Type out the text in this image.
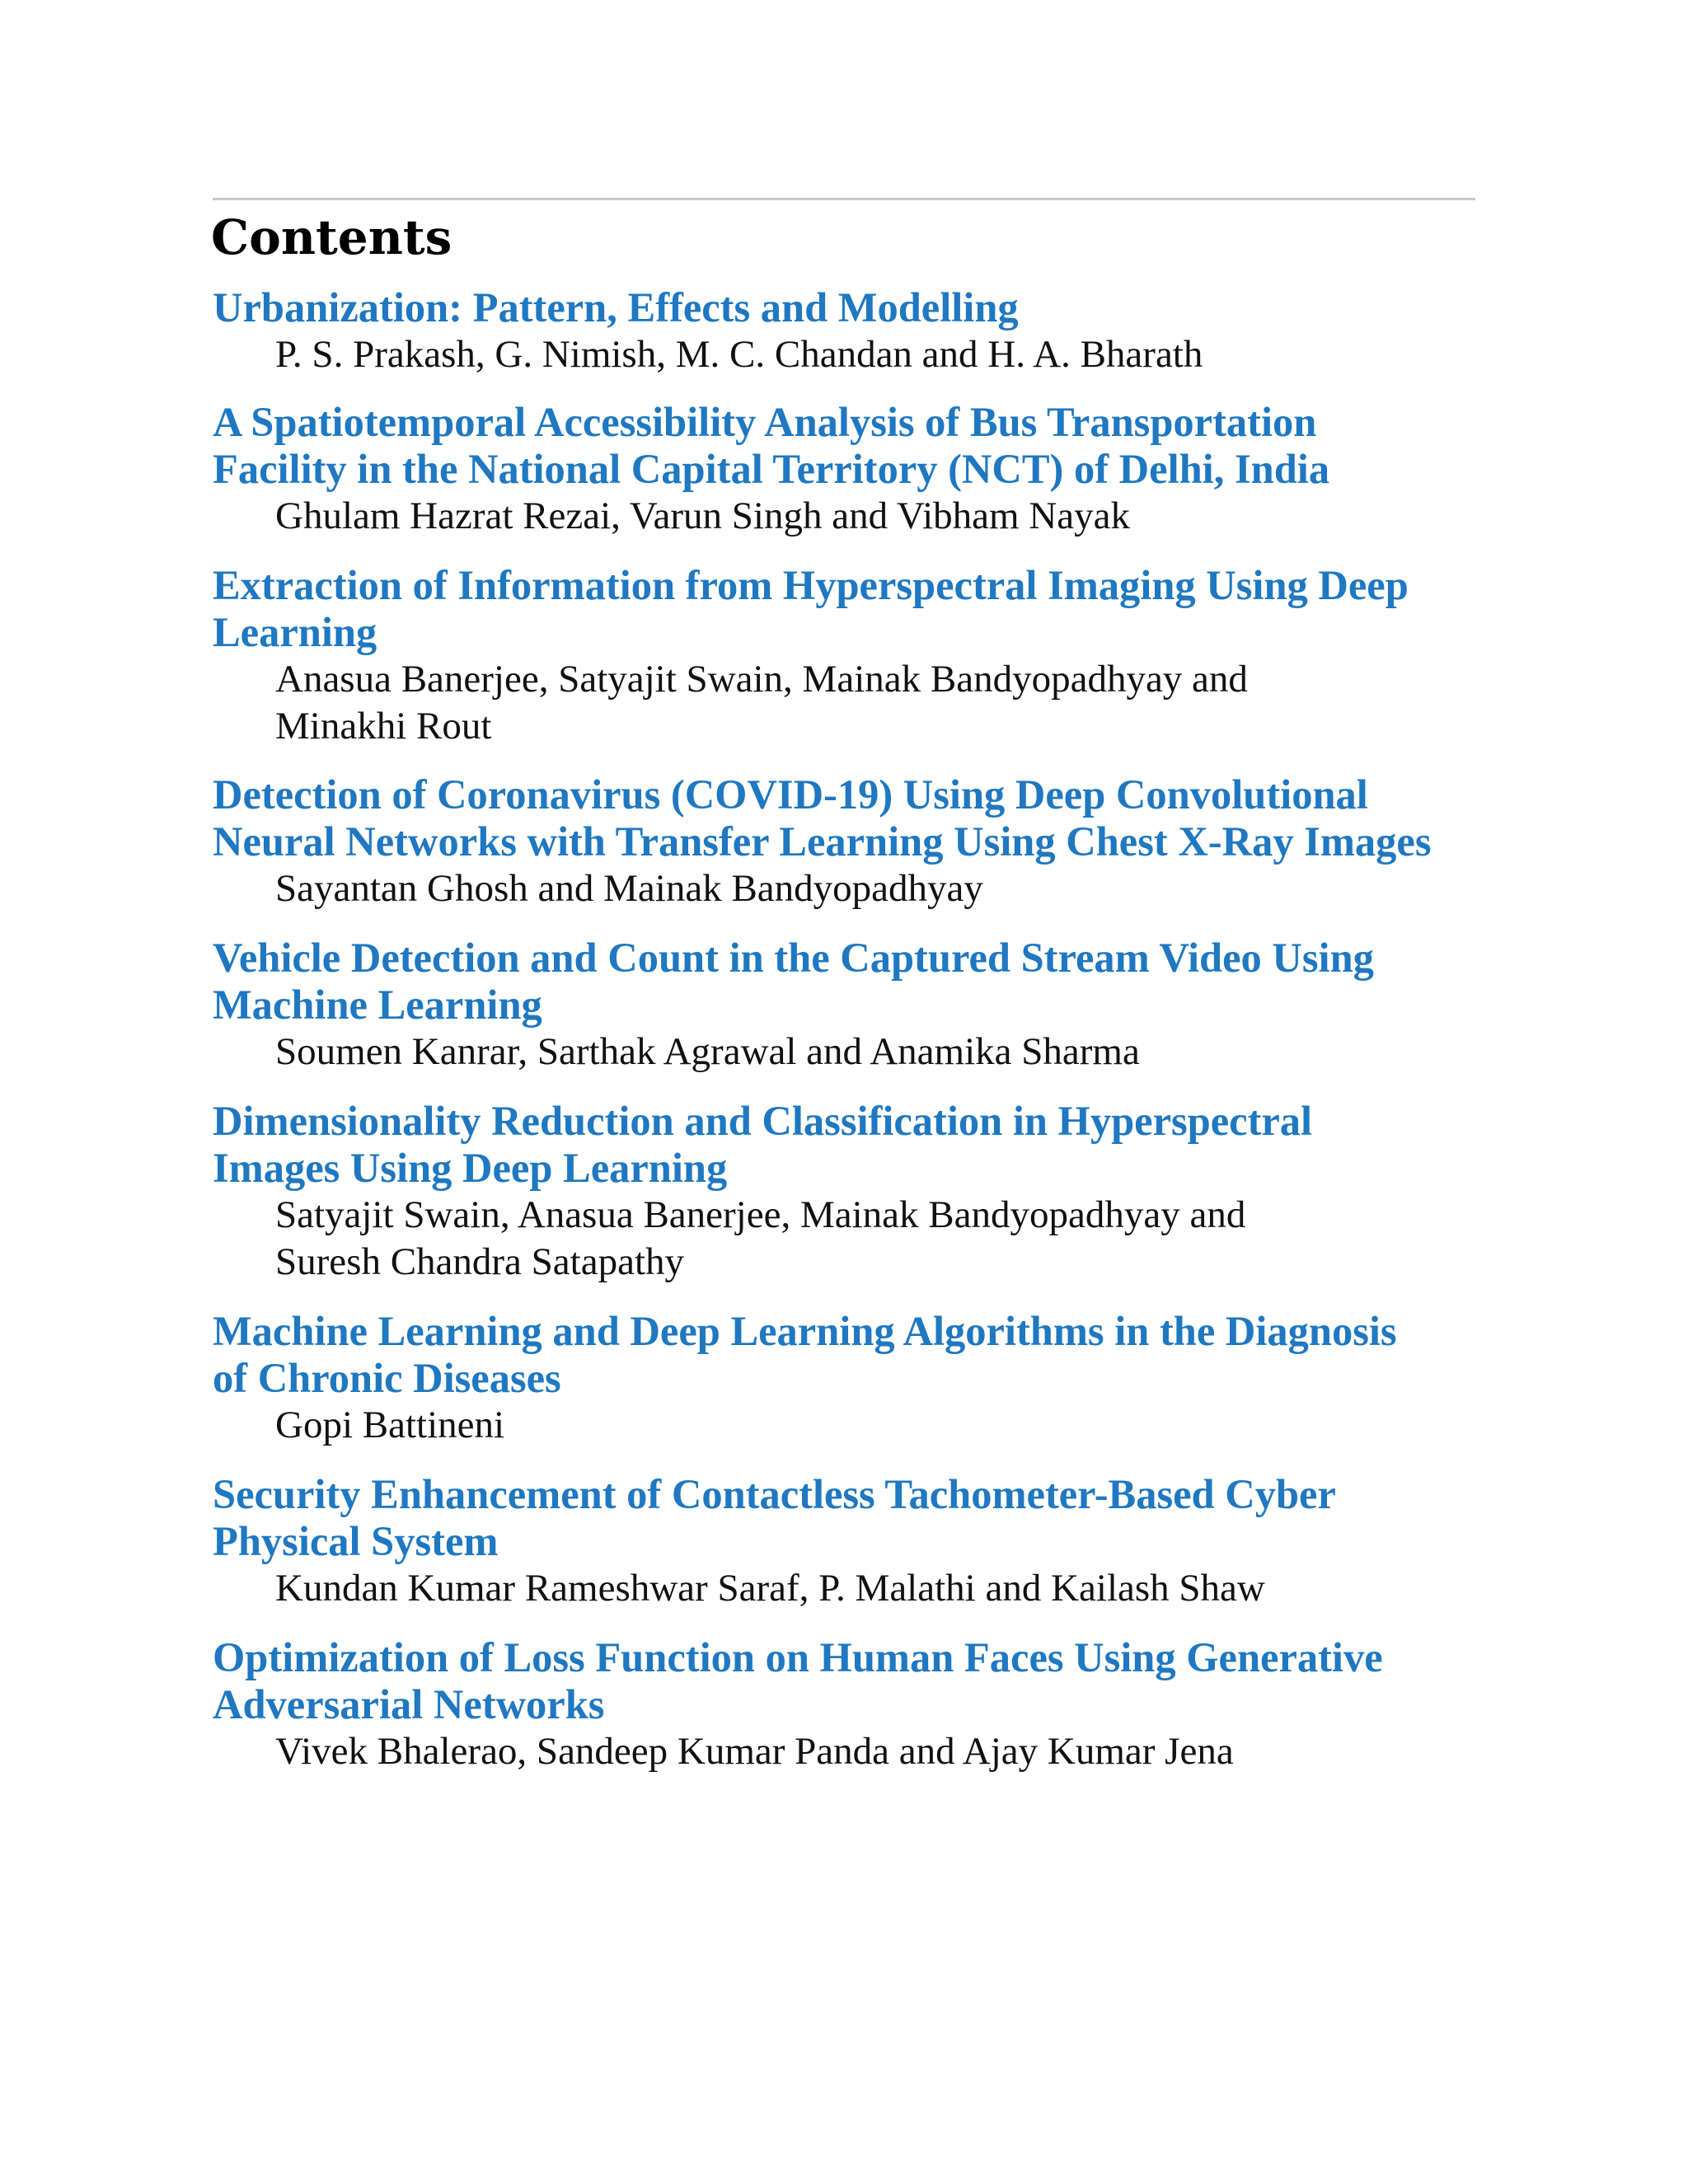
Contents
Urbanization: Pattern, Effects and Modelling
P. S. Prakash, G. Nimish, M. C. Chandan and H. A. Bharath
A Spatiotemporal Accessibility Analysis of Bus Transportation
Facility in the National Capital Territory (NCT) of Delhi, India
Ghulam Hazrat Rezai, Varun Singh and Vibham Nayak
Extraction of Information from Hyperspectral Imaging Using Deep
Learning
Anasua Banerjee, Satyajit Swain, Mainak Bandyopadhyay and
Minakhi Rout
Detection of Coronavirus (COVID-19) Using Deep Convolutional
Neural Networks with Transfer Learning Using Chest X-Ray Images
Sayantan Ghosh and Mainak Bandyopadhyay
Vehicle Detection and Count in the Captured Stream Video Using
Machine Learning
Soumen Kanrar, Sarthak Agrawal and Anamika Sharma
Dimensionality Reduction and Classification in Hyperspectral
Images Using Deep Learning
Satyajit Swain, Anasua Banerjee, Mainak Bandyopadhyay and
Suresh Chandra Satapathy
Machine Learning and Deep Learning Algorithms in the Diagnosis
of Chronic Diseases
Gopi Battineni
Security Enhancement of Contactless Tachometer-Based Cyber
Physical System
Kundan Kumar Rameshwar Saraf, P. Malathi and Kailash Shaw
Optimization of Loss Function on Human Faces Using Generative
Adversarial Networks
Vivek Bhalerao, Sandeep Kumar Panda and Ajay Kumar Jena
